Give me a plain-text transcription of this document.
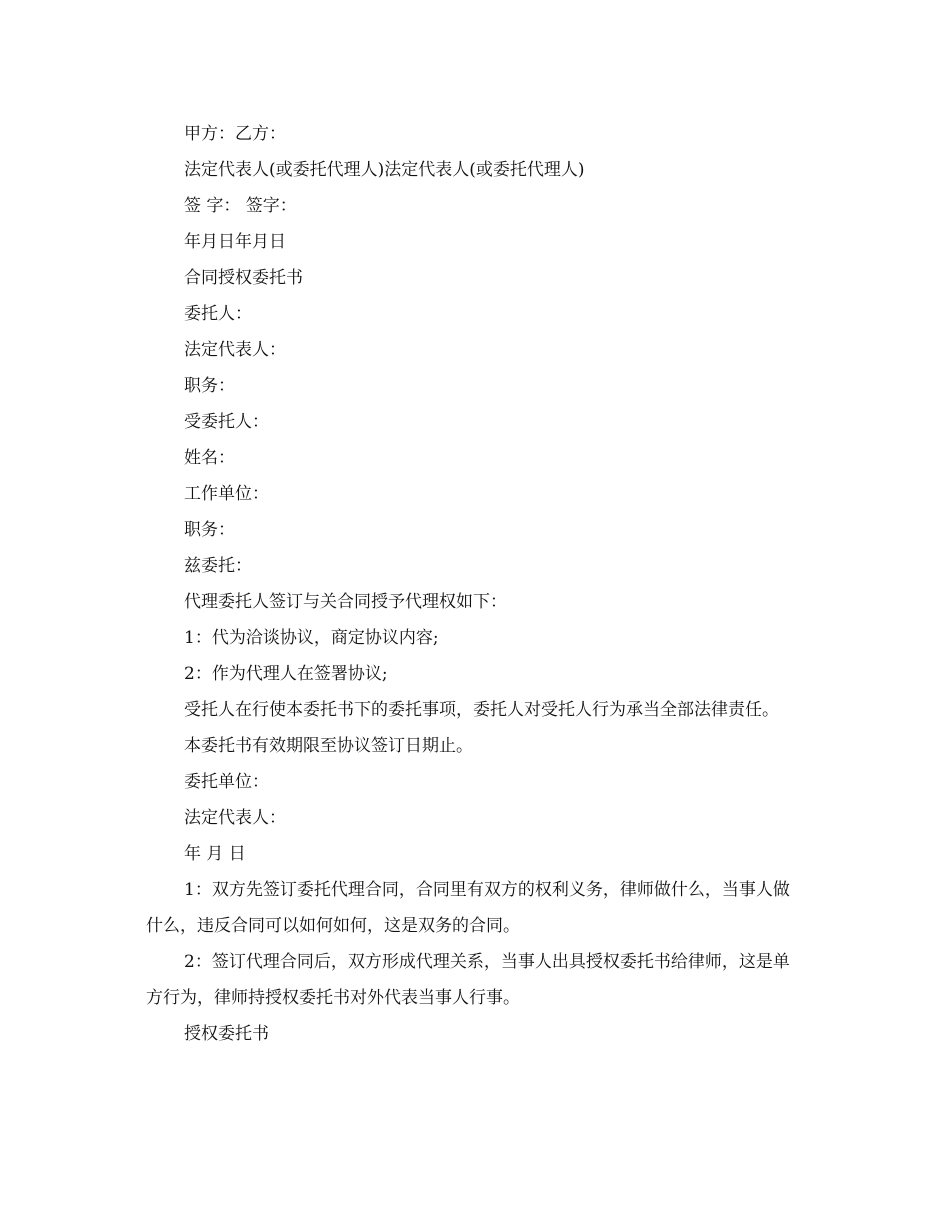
甲方：乙方：

法定代表人(或委托代理人)法定代表人(或委托代理人)

签 字： 签字：

年月日年月日

合同授权委托书

委托人：

法定代表人：

职务：

受委托人：

姓名：

工作单位：

职务：

兹委托：

代理委托人签订与关合同授予代理权如下：

1：代为洽谈协议，商定协议内容;

2：作为代理人在签署协议;

受托人在行使本委托书下的委托事项，委托人对受托人行为承当全部法律责任。

本委托书有效期限至协议签订日期止。

委托单位：

法定代表人：

年 月 日

1：双方先签订委托代理合同，合同里有双方的权利义务，律师做什么，当事人做什么，违反合同可以如何如何，这是双务的合同。

2：签订代理合同后，双方形成代理关系，当事人出具授权委托书给律师，这是单方行为，律师持授权委托书对外代表当事人行事。

授权委托书
